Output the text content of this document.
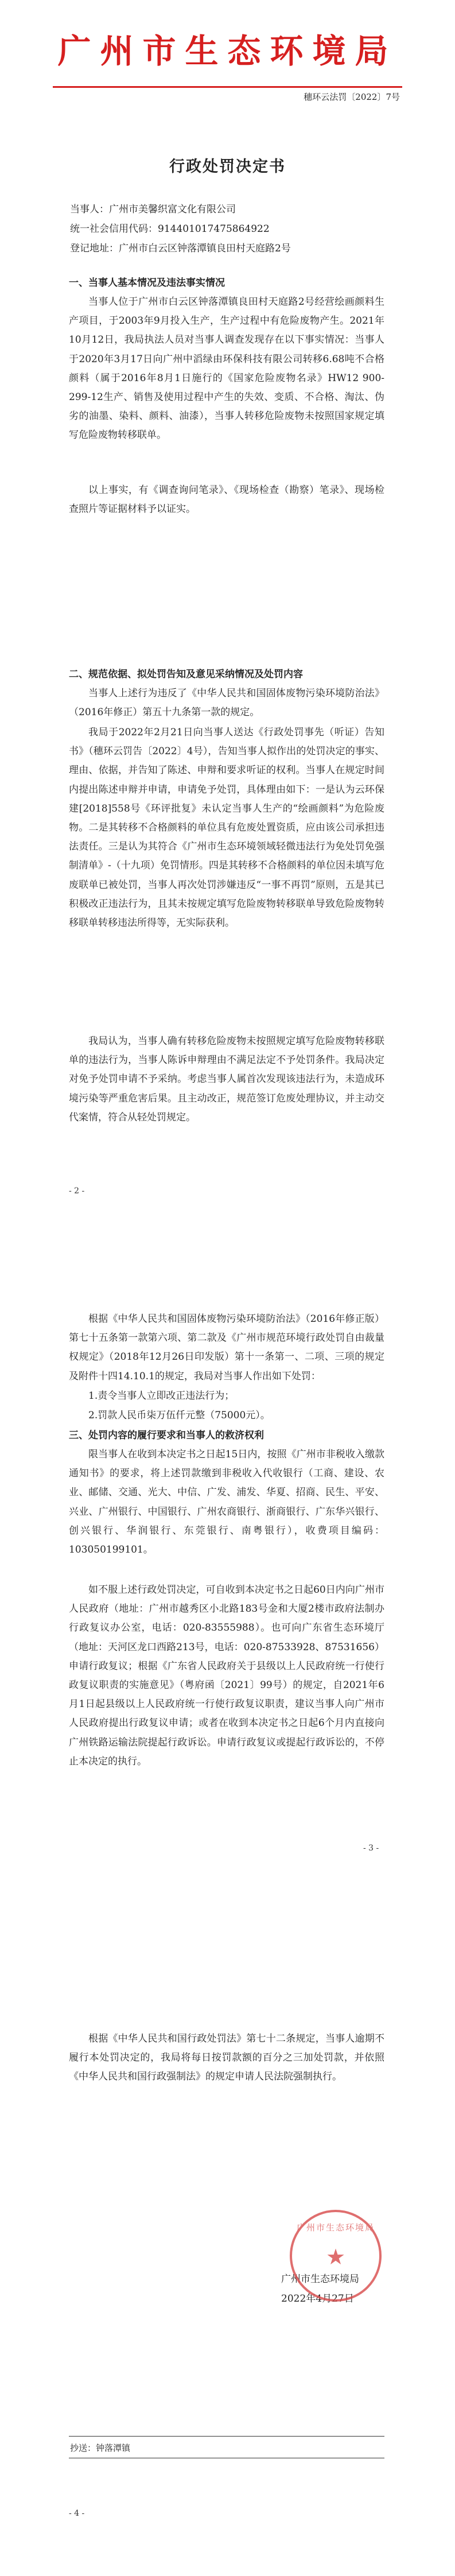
广州市生态环境局
穗环云法罚〔2022〕7号
行政处罚决定书
当事人：广州市美馨织富文化有限公司
统一社会信用代码：914401017475864922
登记地址：广州市白云区钟落潭镇良田村天庭路2号
一、当事人基本情况及违法事实情况

当事人位于广州市白云区钟落潭镇良田村天庭路2号经营绘画颜料生产项目，于2003年9月投入生产，生产过程中有危险废物产生。2021年10月12日，我局执法人员对当事人调查发现存在以下事实情况：当事人于2020年3月17日向广州中滔绿由环保科技有限公司转移6.68吨不合格颜料（属于2016年8月1日施行的《国家危险废物名录》HW12 900-299-12生产、销售及使用过程中产生的失效、变质、不合格、淘汰、伪劣的油墨、染料、颜料、油漆），当事人转移危险废物未按照国家规定填写危险废物转移联单。

以上事实，有《调查询问笔录》、《现场检查（勘察）笔录》、现场检查照片等证据材料予以证实。

二、规范依据、拟处罚告知及意见采纳情况及处罚内容

当事人上述行为违反了《中华人民共和国固体废物污染环境防治法》（2016年修正）第五十九条第一款的规定。

我局于2022年2月21日向当事人送达《行政处罚事先（听证）告知书》（穗环云罚告〔2022〕4号），告知当事人拟作出的处罚决定的事实、理由、依据，并告知了陈述、申辩和要求听证的权利。当事人在规定时间内提出陈述申辩并申请，申请免予处罚，具体理由如下：一是认为云环保建[2018]558号《环评批复》未认定当事人生产的“绘画颜料”为危险废物。二是其转移不合格颜料的单位具有危废处置资质，应由该公司承担违法责任。三是认为其符合《广州市生态环境领域轻微违法行为免处罚免强制清单》-（十九项）免罚情形。四是其转移不合格颜料的单位因未填写危废联单已被处罚，当事人再次处罚涉嫌违反“一事不再罚”原则，五是其已积极改正违法行为，且其未按规定填写危险废物转移联单导致危险废物转移联单转移违法所得等，无实际获利。

我局认为，当事人确有转移危险废物未按照规定填写危险废物转移联单的违法行为，当事人陈诉申辩理由不满足法定不予处罚条件。我局决定对免予处罚申请不予采纳。考虑当事人属首次发现该违法行为，未造成环境污染等严重危害后果。且主动改正，规范签订危废处理协议，并主动交代案情，符合从轻处罚规定。

- 2 -

根据《中华人民共和国固体废物污染环境防治法》（2016年修正版）第七十五条第一款第六项、第二款及《广州市规范环境行政处罚自由裁量权规定》（2018年12月26日印发版）第十一条第一、二项、三项的规定及附件十四14.10.1的规定，我局对当事人作出如下处罚：

1.责令当事人立即改正违法行为；
2.罚款人民币柒万伍仟元整（75000元）。
三、处罚内容的履行要求和当事人的救济权利

限当事人在收到本决定书之日起15日内，按照《广州市非税收入缴款通知书》的要求，将上述罚款缴到非税收入代收银行（工商、建设、农业、邮储、交通、光大、中信、广发、浦发、华夏、招商、民生、平安、兴业、广州银行、中国银行、广州农商银行、浙商银行、广东华兴银行、创兴银行、华润银行、东莞银行、南粤银行），收费项目编码：103050199101。

如不服上述行政处罚决定，可自收到本决定书之日起60日内向广州市人民政府（地址：广州市越秀区小北路183号金和大厦2楼市政府法制办行政复议办公室，电话：020-83555988）。也可向广东省生态环境厅（地址：天河区龙口西路213号，电话：020-87533928、87531656）申请行政复议；根据《广东省人民政府关于县级以上人民政府统一行使行政复议职责的实施意见》（粤府函〔2021〕99号）的规定，自2021年6月1日起县级以上人民政府统一行使行政复议职责，建议当事人向广州市人民政府提出行政复议申请；或者在收到本决定书之日起6个月内直接向广州铁路运输法院提起行政诉讼。申请行政复议或提起行政诉讼的，不停止本决定的执行。

- 3 -

根据《中华人民共和国行政处罚法》第七十二条规定，当事人逾期不履行本处罚决定的，我局将每日按罚款额的百分之三加处罚款，并依照《中华人民共和国行政强制法》的规定申请人民法院强制执行。

广州市生态环境局
2022年4月27日
抄送：钟落潭镇
- 4 -
广州市生态环境局
★
